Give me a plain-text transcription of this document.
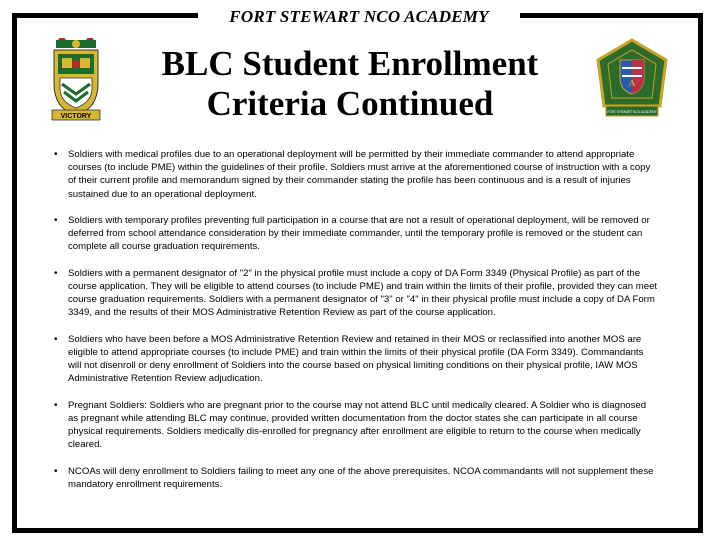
FORT STEWART NCO ACADEMY
BLC Student Enrollment
Criteria Continued
VICTORY
A
FORT STEWART NCO ACADEMY
• Soldiers with medical profiles due to an operational deployment will be permitted by their immediate commander to attend appropriate courses (to include PME) within the guidelines of their profile. Soldiers must arrive at the aforementioned course of instruction with a copy of their current profile and memorandum signed by their commander stating the profile has been continuous and is a result of injuries sustained due to an operational deployment.
• Soldiers with temporary profiles preventing full participation in a course that are not a result of operational deployment, will be removed or deferred from school attendance consideration by their immediate commander, until the temporary profile is removed or the student can complete all course graduation requirements.
• Soldiers with a permanent designator of "2" in the physical profile must include a copy of DA Form 3349 (Physical Profile) as part of the course application. They will be eligible to attend courses (to include PME) and train within the limits of their profile, provided they can meet course graduation requirements. Soldiers with a permanent designator of "3" or "4" in their physical profile must include a copy of DA Form 3349, and the results of their MOS Administrative Retention Review as part of the course application.
• Soldiers who have been before a MOS Administrative Retention Review and retained in their MOS or reclassified into another MOS are eligible to attend appropriate courses (to include PME) and train within the limits of their physical profile (DA Form 3349). Commandants will not disenroll or deny enrollment of Soldiers into the course based on physical limiting conditions on their physical profile, IAW MOS Administrative Retention Review adjudication.
• Pregnant Soldiers: Soldiers who are pregnant prior to the course may not attend BLC until medically cleared. A Soldier who is diagnosed as pregnant while attending BLC may continue, provided written documentation from the doctor states she can participate in all course physical requirements. Soldiers medically dis-enrolled for pregnancy after enrollment are eligible to return to the course when medically cleared.
• NCOAs will deny enrollment to Soldiers failing to meet any one of the above prerequisites. NCOA commandants will not supplement these mandatory enrollment requirements.
